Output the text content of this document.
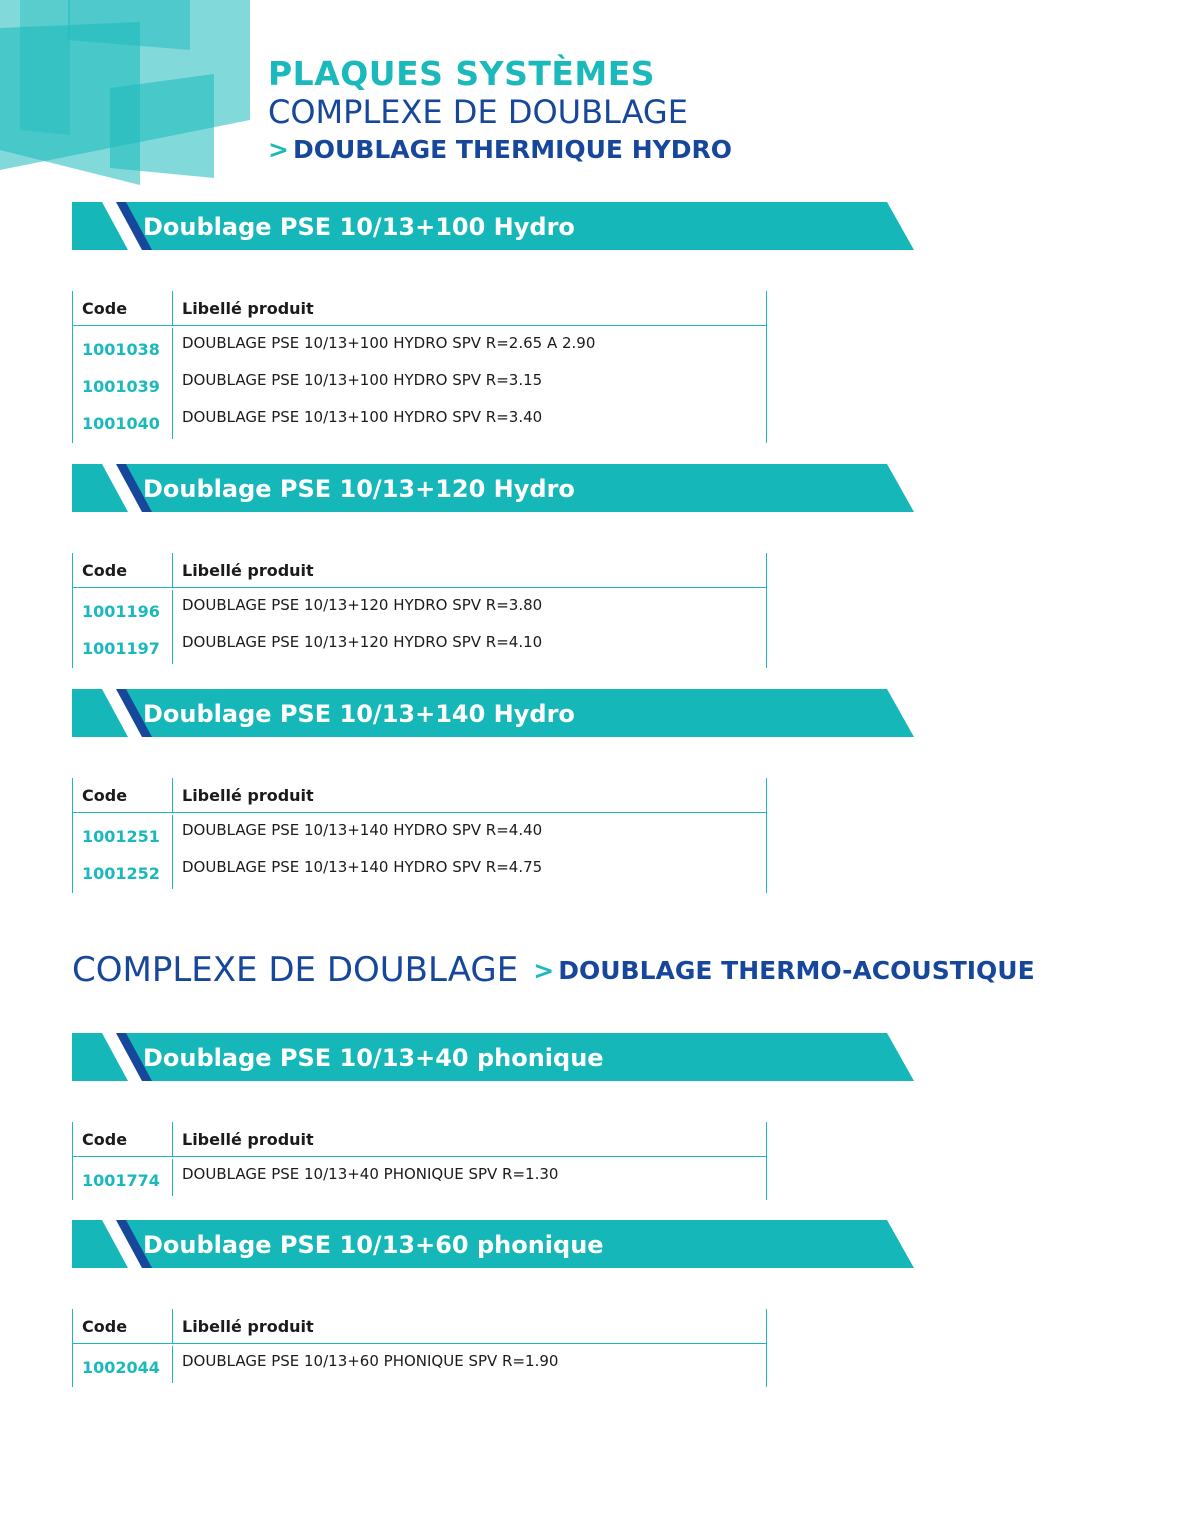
PLAQUES SYSTÈMES
COMPLEXE DE DOUBLAGE
> DOUBLAGE THERMIQUE HYDRO
Doublage PSE 10/13+100 Hydro
Code	Libellé produit
1001038	DOUBLAGE PSE 10/13+100 HYDRO SPV R=2.65 A 2.90
1001039	DOUBLAGE PSE 10/13+100 HYDRO SPV R=3.15
1001040	DOUBLAGE PSE 10/13+100 HYDRO SPV R=3.40
Doublage PSE 10/13+120 Hydro
Code	Libellé produit
1001196	DOUBLAGE PSE 10/13+120 HYDRO SPV R=3.80
1001197	DOUBLAGE PSE 10/13+120 HYDRO SPV R=4.10
Doublage PSE 10/13+140 Hydro
Code	Libellé produit
1001251	DOUBLAGE PSE 10/13+140 HYDRO SPV R=4.40
1001252	DOUBLAGE PSE 10/13+140 HYDRO SPV R=4.75
COMPLEXE DE DOUBLAGE > DOUBLAGE THERMO-ACOUSTIQUE
Doublage PSE 10/13+40 phonique
Code	Libellé produit
1001774	DOUBLAGE PSE 10/13+40 PHONIQUE SPV R=1.30
Doublage PSE 10/13+60 phonique
Code	Libellé produit
1002044	DOUBLAGE PSE 10/13+60 PHONIQUE SPV R=1.90
